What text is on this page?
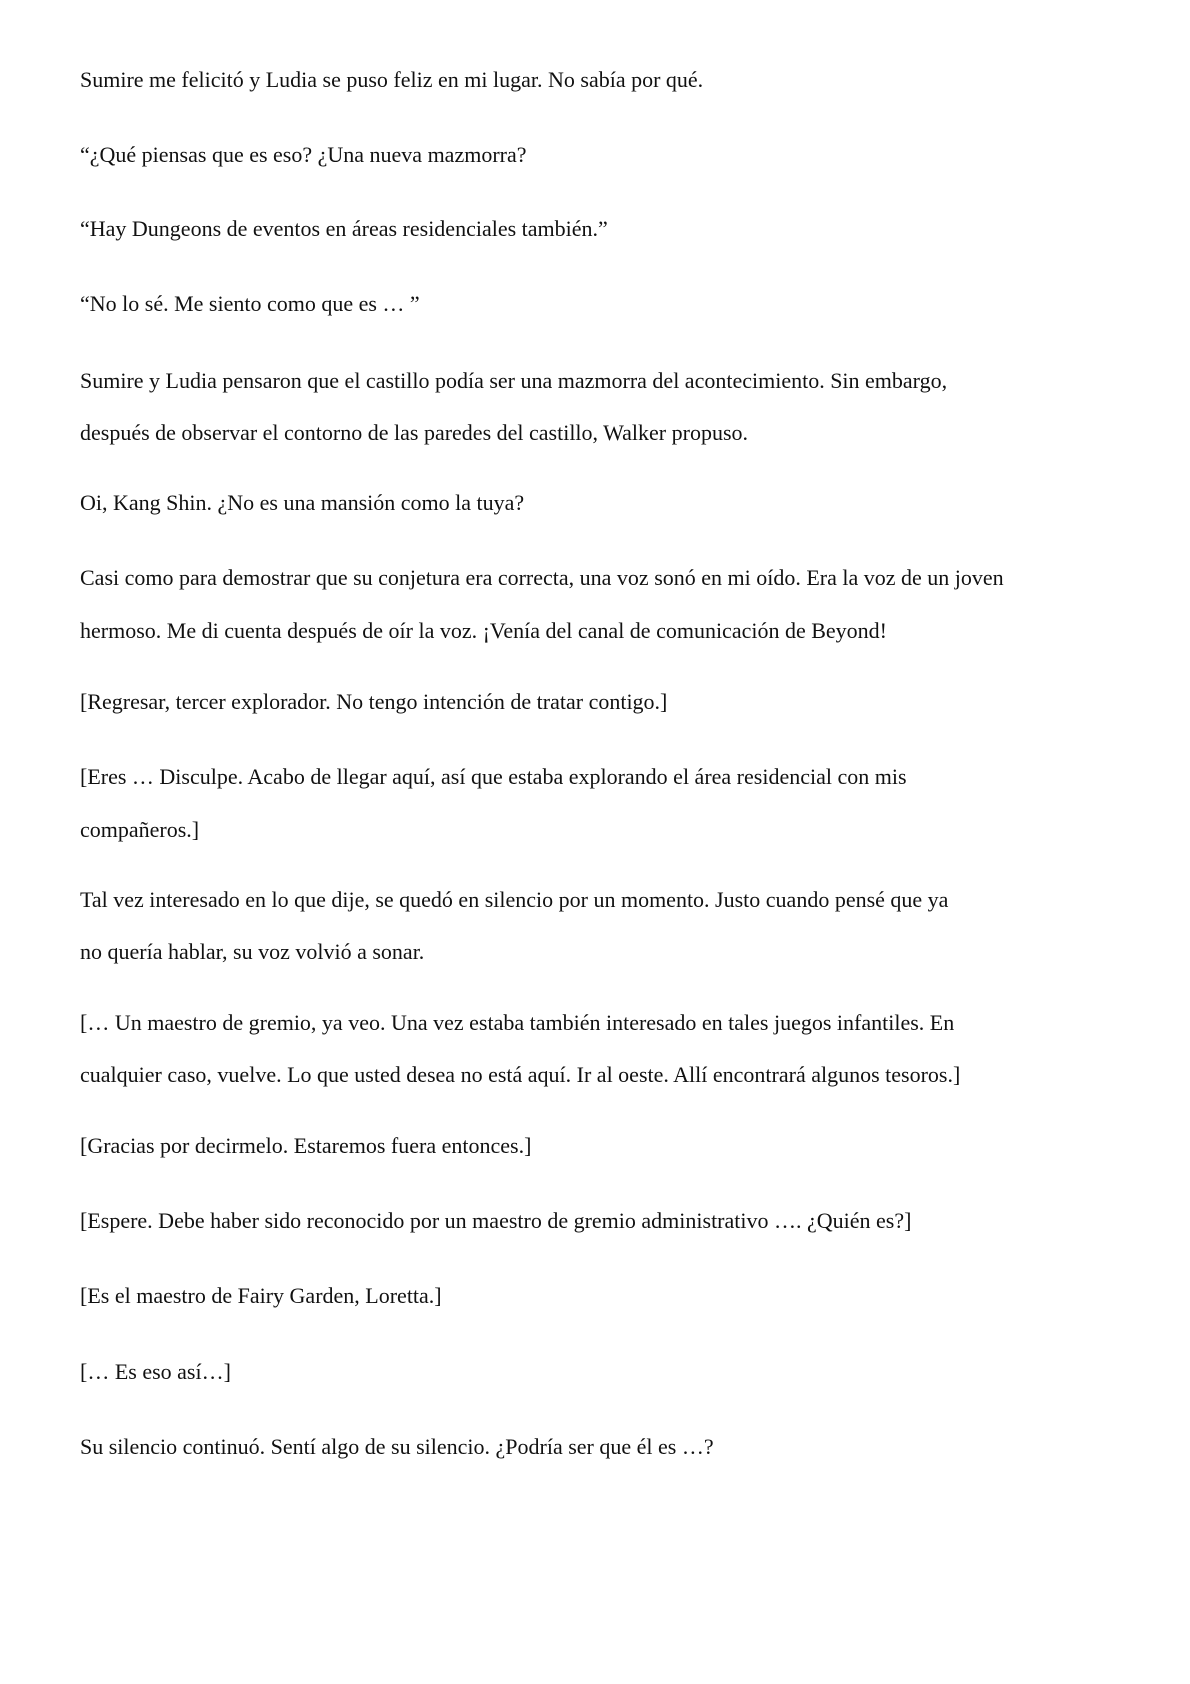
Sumire me felicitó y Ludia se puso feliz en mi lugar. No sabía por qué.
“¿Qué piensas que es eso? ¿Una nueva mazmorra?
“Hay Dungeons de eventos en áreas residenciales también.”
“No lo sé. Me siento como que es … ”
Sumire y Ludia pensaron que el castillo podía ser una mazmorra del acontecimiento. Sin embargo,
después de observar el contorno de las paredes del castillo, Walker propuso.
Oi, Kang Shin. ¿No es una mansión como la tuya?
Casi como para demostrar que su conjetura era correcta, una voz sonó en mi oído. Era la voz de un joven
hermoso. Me di cuenta después de oír la voz. ¡Venía del canal de comunicación de Beyond!
[Regresar, tercer explorador. No tengo intención de tratar contigo.]
[Eres … Disculpe. Acabo de llegar aquí, así que estaba explorando el área residencial con mis
compañeros.]
Tal vez interesado en lo que dije, se quedó en silencio por un momento. Justo cuando pensé que ya
no quería hablar, su voz volvió a sonar.
[… Un maestro de gremio, ya veo. Una vez estaba también interesado en tales juegos infantiles. En
cualquier caso, vuelve. Lo que usted desea no está aquí. Ir al oeste. Allí encontrará algunos tesoros.]
[Gracias por decirmelo. Estaremos fuera entonces.]
[Espere. Debe haber sido reconocido por un maestro de gremio administrativo …. ¿Quién es?]
[Es el maestro de Fairy Garden, Loretta.]
[… Es eso así…]
Su silencio continuó. Sentí algo de su silencio. ¿Podría ser que él es …?
